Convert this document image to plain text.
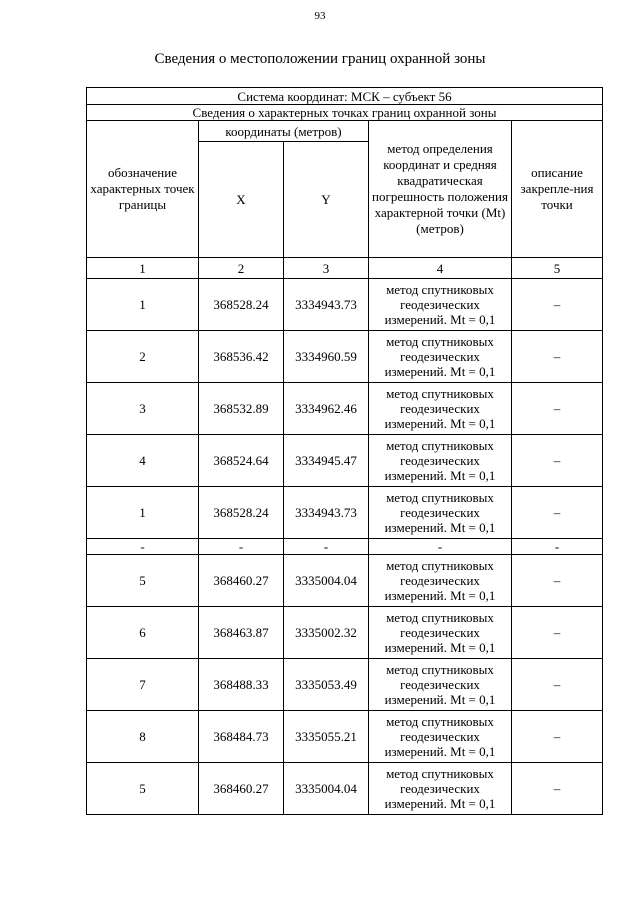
93
Сведения о местоположении границ охранной зоны
Система координат: МСК – субъект 56				
Сведения о характерных точках границ охранной зоны				
обозначение характерных точек границы	координаты (метров)		метод определения координат и средняя квадратическая погрешность положения характерной точки (Mt) (метров)	описание закрепле-ния точки
	X	Y		
1	2	3	4	5
1	368528.24	3334943.73	метод спутниковых геодезических измерений. Mt = 0,1	–
2	368536.42	3334960.59	метод спутниковых геодезических измерений. Mt = 0,1	–
3	368532.89	3334962.46	метод спутниковых геодезических измерений. Mt = 0,1	–
4	368524.64	3334945.47	метод спутниковых геодезических измерений. Mt = 0,1	–
1	368528.24	3334943.73	метод спутниковых геодезических измерений. Mt = 0,1	–
-	-	-	-	-
5	368460.27	3335004.04	метод спутниковых геодезических измерений. Mt = 0,1	–
6	368463.87	3335002.32	метод спутниковых геодезических измерений. Mt = 0,1	–
7	368488.33	3335053.49	метод спутниковых геодезических измерений. Mt = 0,1	–
8	368484.73	3335055.21	метод спутниковых геодезических измерений. Mt = 0,1	–
5	368460.27	3335004.04	метод спутниковых геодезических измерений. Mt = 0,1	–
